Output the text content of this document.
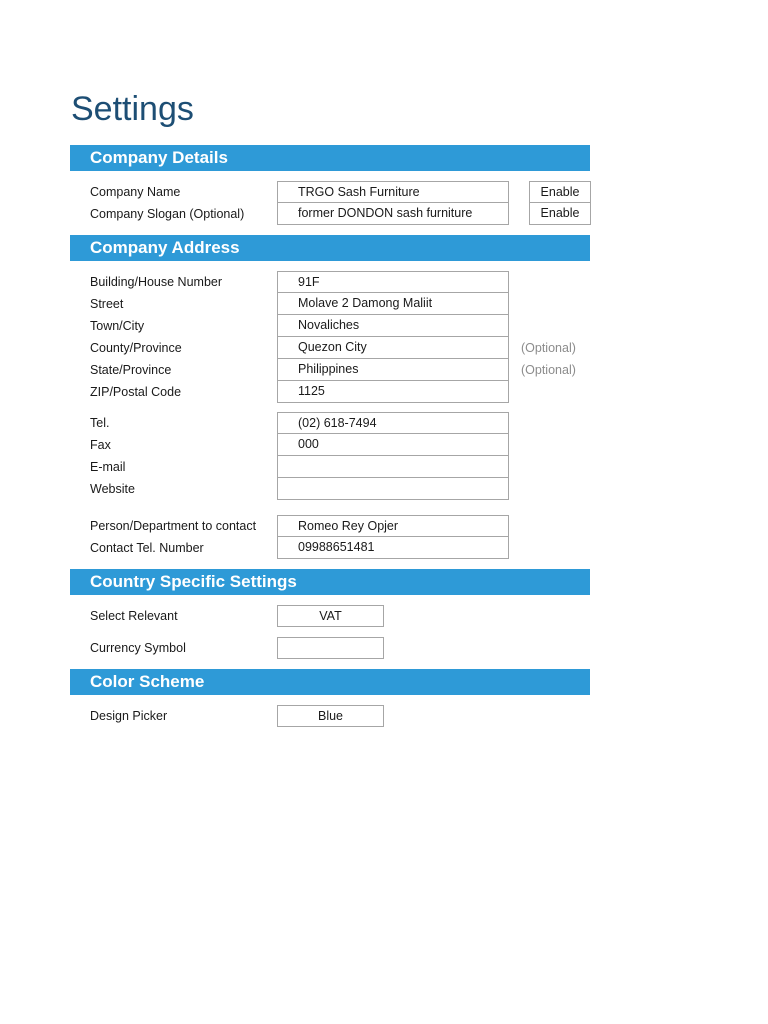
Settings
Company Details
Company Name	TRGO Sash Furniture	Enable
Company Slogan (Optional)	former DONDON sash furniture	Enable
Company Address
Building/House Number	91F
Street	Molave 2 Damong Maliit
Town/City	Novaliches
County/Province	Quezon City	(Optional)
State/Province	Philippines	(Optional)
ZIP/Postal Code	1125
Tel.	(02) 618-7494
Fax	000
E-mail
Website
Person/Department to contact	Romeo Rey Opjer
Contact Tel. Number	09988651481
Country Specific Settings
Select Relevant	VAT
Currency Symbol
Color Scheme
Design Picker	Blue
